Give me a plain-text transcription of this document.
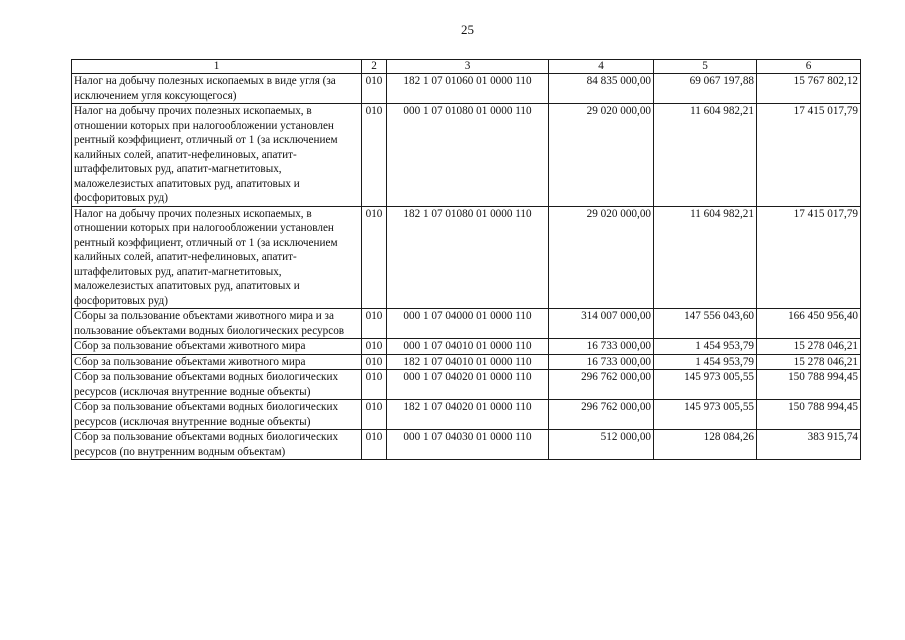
25
1	2	3	4	5	6
Налог на добычу полезных ископаемых в виде угля (за исключением угля коксующегося)	010	182 1 07 01060 01 0000 110	84 835 000,00	69 067 197,88	15 767 802,12
Налог на добычу прочих полезных ископаемых, в отношении которых при налогообложении установлен рентный коэффициент, отличный от 1 (за исключением калийных солей, апатит-нефелиновых, апатит-штаффелитовых руд, апатит-магнетитовых, маложелезистых апатитовых руд, апатитовых и фосфоритовых руд)	010	000 1 07 01080 01 0000 110	29 020 000,00	11 604 982,21	17 415 017,79
Налог на добычу прочих полезных ископаемых, в отношении которых при налогообложении установлен рентный коэффициент, отличный от 1 (за исключением калийных солей, апатит-нефелиновых, апатит-штаффелитовых руд, апатит-магнетитовых, маложелезистых апатитовых руд, апатитовых и фосфоритовых руд)	010	182 1 07 01080 01 0000 110	29 020 000,00	11 604 982,21	17 415 017,79
Сборы за пользование объектами животного мира и за пользование объектами водных биологических ресурсов	010	000 1 07 04000 01 0000 110	314 007 000,00	147 556 043,60	166 450 956,40
Сбор за пользование объектами животного мира	010	000 1 07 04010 01 0000 110	16 733 000,00	1 454 953,79	15 278 046,21
Сбор за пользование объектами животного мира	010	182 1 07 04010 01 0000 110	16 733 000,00	1 454 953,79	15 278 046,21
Сбор за пользование объектами водных биологических ресурсов (исключая внутренние водные объекты)	010	000 1 07 04020 01 0000 110	296 762 000,00	145 973 005,55	150 788 994,45
Сбор за пользование объектами водных биологических ресурсов (исключая внутренние водные объекты)	010	182 1 07 04020 01 0000 110	296 762 000,00	145 973 005,55	150 788 994,45
Сбор за пользование объектами водных биологических ресурсов (по внутренним водным объектам)	010	000 1 07 04030 01 0000 110	512 000,00	128 084,26	383 915,74
